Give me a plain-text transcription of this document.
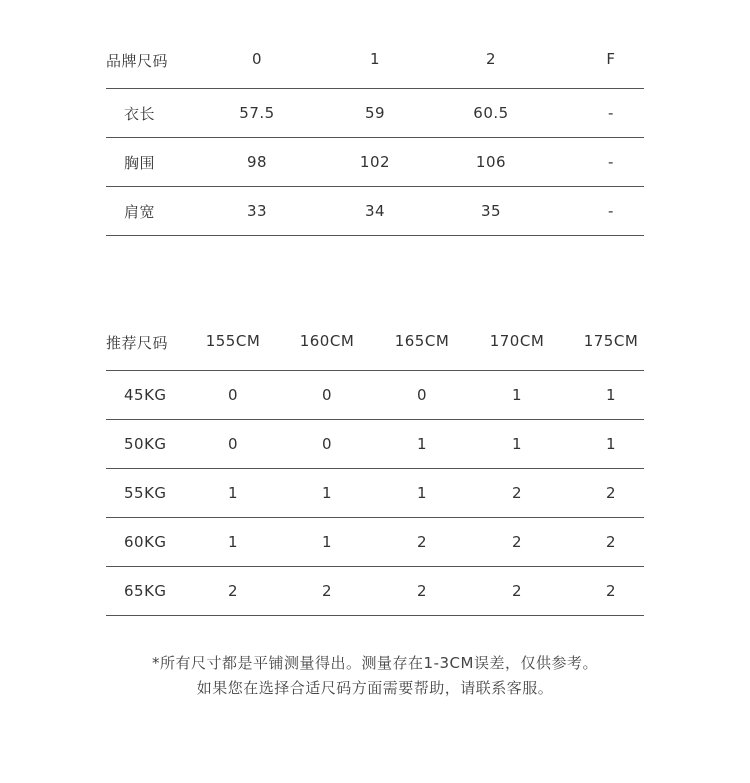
品牌尺码	0	1	2	F
衣长	57.5	59	60.5	-
胸围	98	102	106	-
肩宽	33	34	35	-
推荐尺码	155CM	160CM	165CM	170CM	175CM
45KG	0	0	0	1	1
50KG	0	0	1	1	1
55KG	1	1	1	2	2
60KG	1	1	2	2	2
65KG	2	2	2	2	2
*所有尺寸都是平铺测量得出。测量存在1-3CM误差，仅供参考。
如果您在选择合适尺码方面需要帮助，请联系客服。
